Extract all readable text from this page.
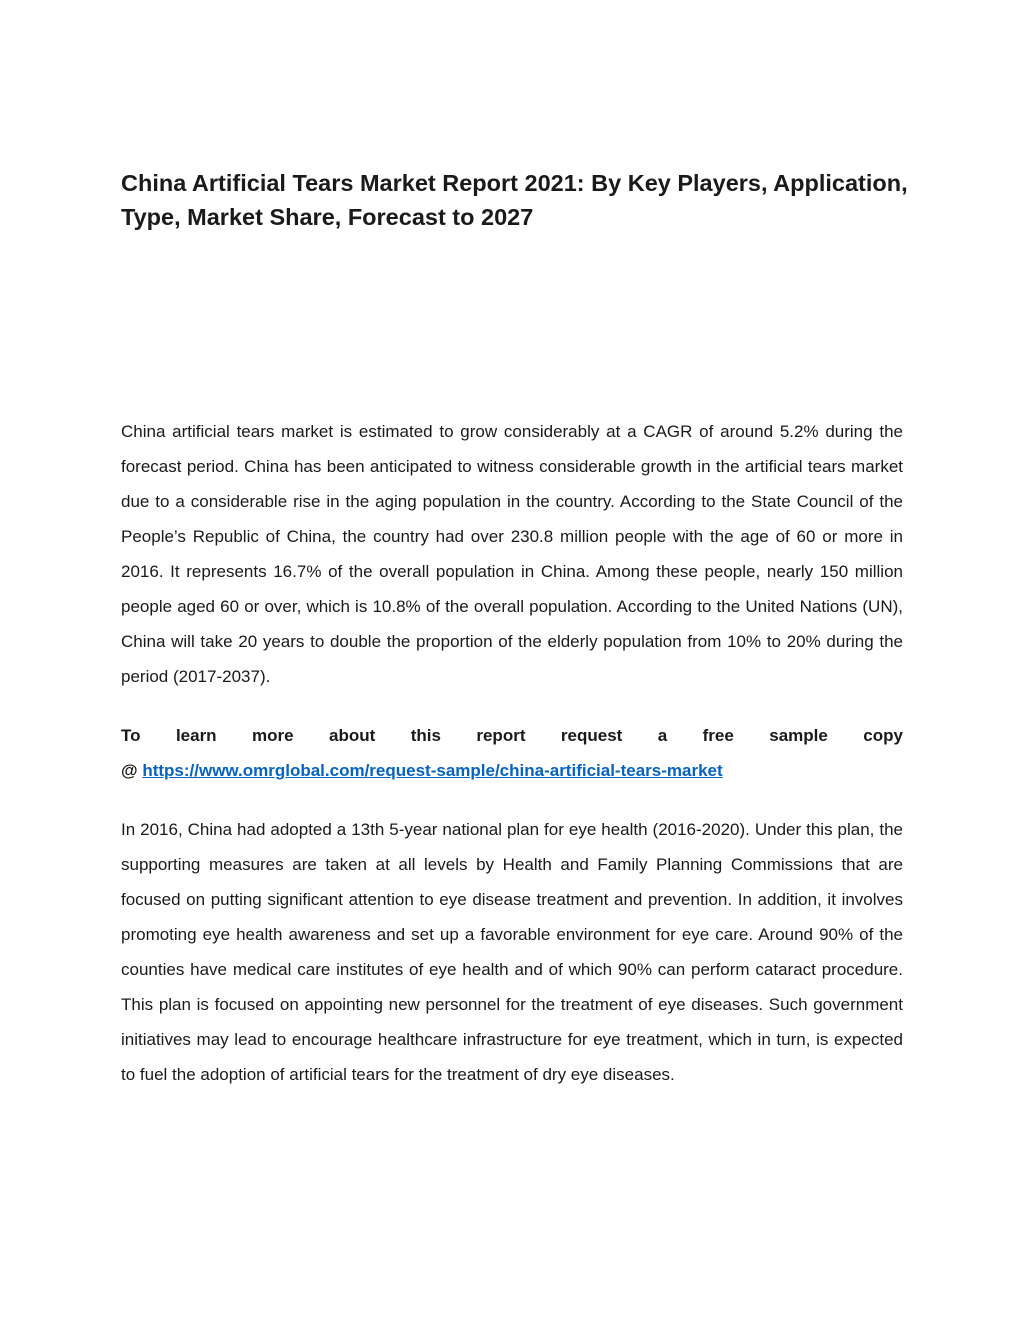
China Artificial Tears Market Report 2021: By Key Players, Application, Type, Market Share, Forecast to 2027

China artificial tears market is estimated to grow considerably at a CAGR of around 5.2% during the forecast period. China has been anticipated to witness considerable growth in the artificial tears market due to a considerable rise in the aging population in the country. According to the State Council of the People’s Republic of China, the country had over 230.8 million people with the age of 60 or more in 2016. It represents 16.7% of the overall population in China. Among these people, nearly 150 million people aged 60 or over, which is 10.8% of the overall population. According to the United Nations (UN), China will take 20 years to double the proportion of the elderly population from 10% to 20% during the period (2017-2037).

To learn more about this report request a free sample copy
@ https://www.omrglobal.com/request-sample/china-artificial-tears-market

In 2016, China had adopted a 13th 5-year national plan for eye health (2016-2020). Under this plan, the supporting measures are taken at all levels by Health and Family Planning Commissions that are focused on putting significant attention to eye disease treatment and prevention. In addition, it involves promoting eye health awareness and set up a favorable environment for eye care. Around 90% of the counties have medical care institutes of eye health and of which 90% can perform cataract procedure. This plan is focused on appointing new personnel for the treatment of eye diseases. Such government initiatives may lead to encourage healthcare infrastructure for eye treatment, which in turn, is expected to fuel the adoption of artificial tears for the treatment of dry eye diseases.
